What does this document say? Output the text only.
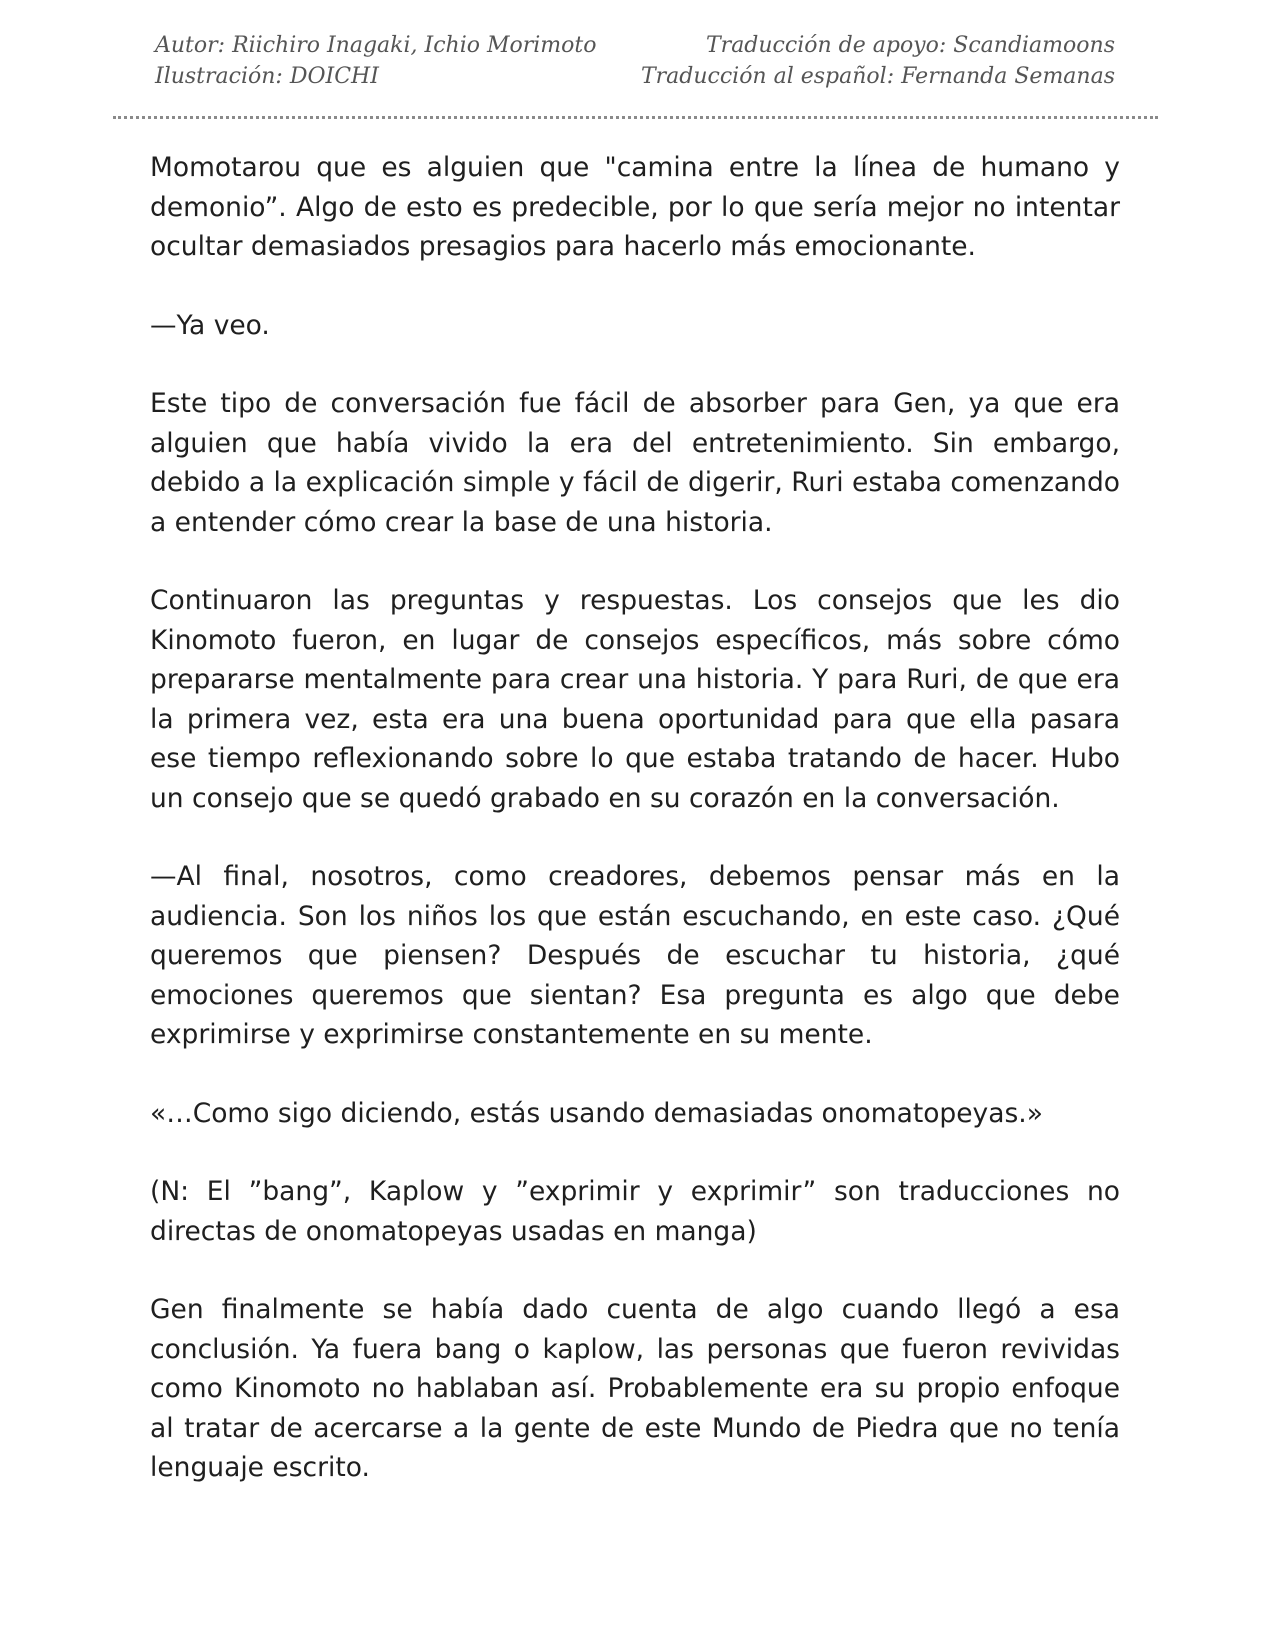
Autor: Riichiro Inagaki, Ichio Morimoto
Ilustración: DOICHI
Traducción de apoyo: Scandiamoons
Traducción al español: Fernanda Semanas

Momotarou que es alguien que "camina entre la línea de humano y demonio”. Algo de esto es predecible, por lo que sería mejor no intentar ocultar demasiados presagios para hacerlo más emocionante.

—Ya veo.

Este tipo de conversación fue fácil de absorber para Gen, ya que era alguien que había vivido la era del entretenimiento. Sin embargo, debido a la explicación simple y fácil de digerir, Ruri estaba comenzando a entender cómo crear la base de una historia.

Continuaron las preguntas y respuestas. Los consejos que les dio Kinomoto fueron, en lugar de consejos específicos, más sobre cómo prepararse mentalmente para crear una historia. Y para Ruri, de que era la primera vez, esta era una buena oportunidad para que ella pasara ese tiempo reflexionando sobre lo que estaba tratando de hacer. Hubo un consejo que se quedó grabado en su corazón en la conversación.

—Al final, nosotros, como creadores, debemos pensar más en la audiencia. Son los niños los que están escuchando, en este caso. ¿Qué queremos que piensen? Después de escuchar tu historia, ¿qué emociones queremos que sientan? Esa pregunta es algo que debe exprimirse y exprimirse constantemente en su mente.

«…Como sigo diciendo, estás usando demasiadas onomatopeyas.»

(N: El ”bang”, Kaplow y ”exprimir y exprimir” son traducciones no directas de onomatopeyas usadas en manga)

Gen finalmente se había dado cuenta de algo cuando llegó a esa conclusión. Ya fuera bang o kaplow, las personas que fueron revividas como Kinomoto no hablaban así. Probablemente era su propio enfoque al tratar de acercarse a la gente de este Mundo de Piedra que no tenía lenguaje escrito.
